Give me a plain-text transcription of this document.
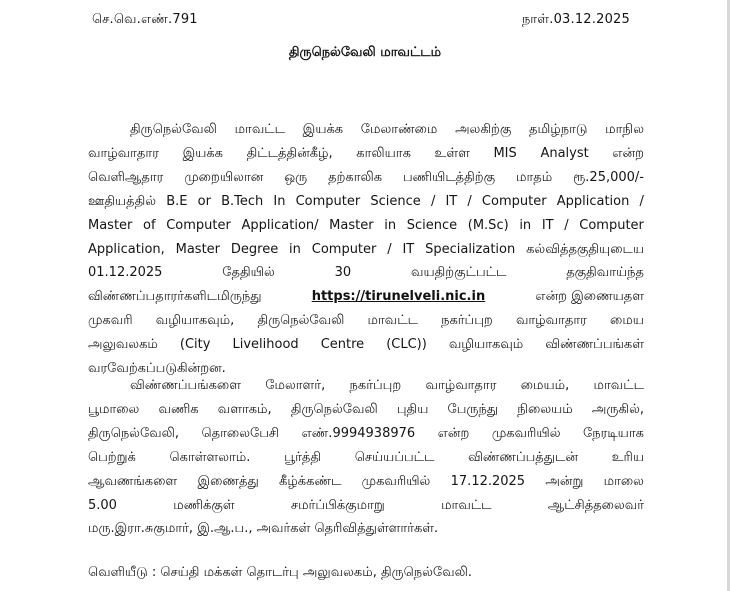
செ.வெ.எண்.791	நாள்.03.12.2025
திருநெல்வேலி மாவட்டம்
திருநெல்வேலி மாவட்ட இயக்க மேலாண்மை அலகிற்கு தமிழ்நாடு மாநில
வாழ்வாதார இயக்க திட்டத்தின்கீழ், காலியாக உள்ள MIS Analyst என்ற
வெளிஆதார முறையிலான ஒரு தற்காலிக பணியிடத்திற்கு மாதம் ரூ.25,000/-
ஊதியத்தில் B.E or B.Tech In Computer Science / IT / Computer Application /
Master of Computer Application/ Master in Science (M.Sc) in IT / Computer
Application, Master Degree in Computer / IT Specialization கல்வித்தகுதியுடைய
01.12.2025	தேதியில்	30	வயதிற்குட்பட்ட	தகுதிவாய்ந்த
விண்ணப்பதாரர்களிடமிருந்து	https://tirunelveli.nic.in	என்ற இணையதள
முகவரி வழியாகவும், திருநெல்வேலி மாவட்ட நகர்ப்புற வாழ்வாதார மைய
அலுவலகம் (City Livelihood Centre (CLC)) வழியாகவும் விண்ணப்பங்கள்
வரவேற்கப்படுகின்றன.
விண்ணப்பங்களை மேலாளர், நகர்ப்புற வாழ்வாதார மையம், மாவட்ட
பூமாலை வணிக வளாகம், திருநெல்வேலி புதிய பேருந்து நிலையம் அருகில்,
திருநெல்வேலி, தொலைபேசி எண்.9994938976 என்ற முகவரியில் நேரடியாக
பெற்றுக்	கொள்ளலாம்.	பூர்த்தி	செய்யப்பட்ட	விண்ணப்பத்துடன்	உரிய
ஆவணங்களை இணைத்து கீழ்க்கண்ட முகவரியில் 17.12.2025 அன்று மாலை
5.00	மணிக்குள்	சமர்ப்பிக்குமாறு	மாவட்ட	ஆட்சித்தலைவர்
மரு.இரா.சுகுமார், இ.ஆ.ப., அவர்கள் தெரிவித்துள்ளார்கள்.
வெளியீடு : செய்தி மக்கள் தொடர்பு அலுவலகம், திருநெல்வேலி.
